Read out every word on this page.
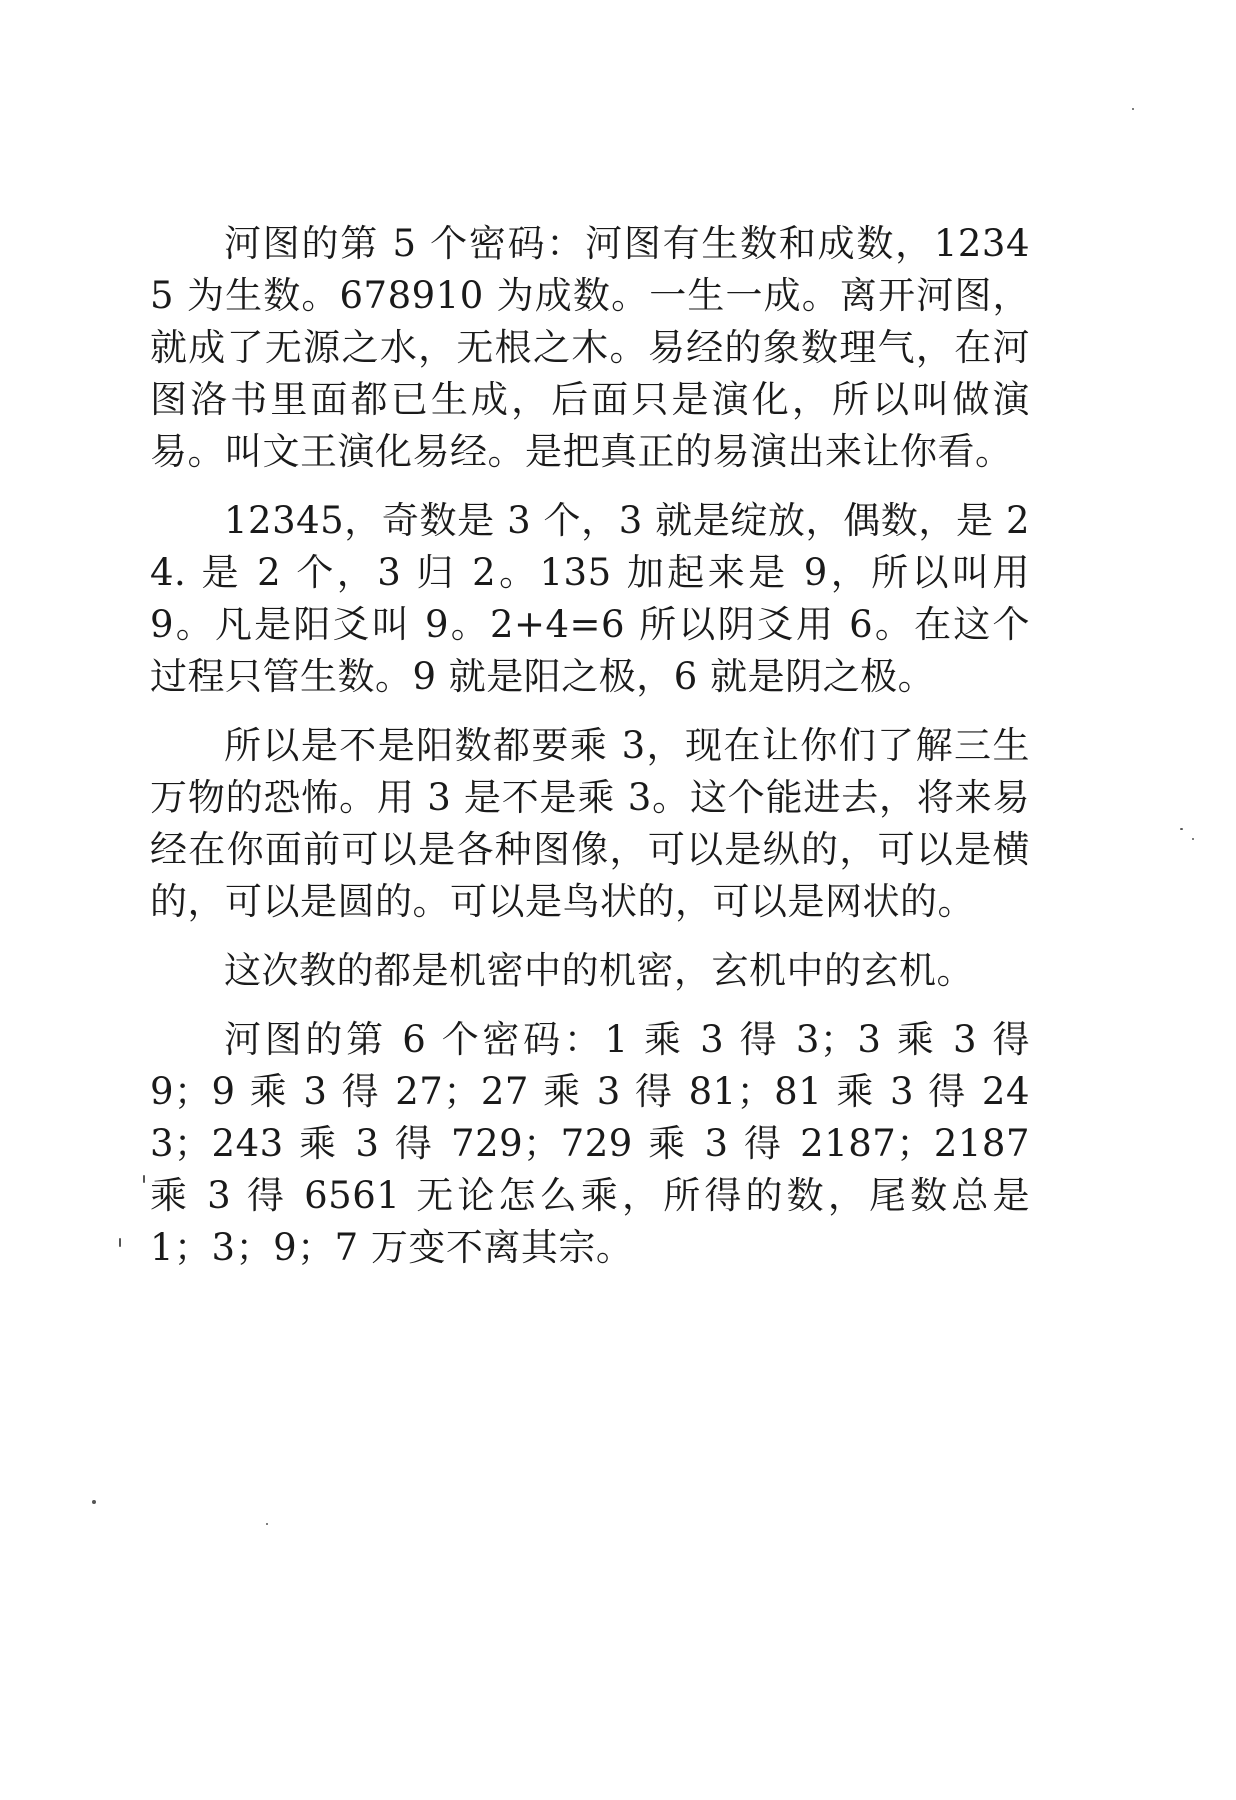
河图的第 5 个密码：河图有生数和成数，12345 为生数。678910 为成数。一生一成。离开河图，就成了无源之水，无根之木。易经的象数理气，在河图洛书里面都已生成，后面只是演化，所以叫做演易。叫文王演化易经。是把真正的易演出来让你看。

12345，奇数是 3 个，3 就是绽放，偶数，是 24. 是 2 个，3 归 2。135 加起来是 9，所以叫用 9。凡是阳爻叫 9。2+4=6 所以阴爻用 6。在这个过程只管生数。9 就是阳之极，6 就是阴之极。

所以是不是阳数都要乘 3，现在让你们了解三生万物的恐怖。用 3 是不是乘 3。这个能进去，将来易经在你面前可以是各种图像，可以是纵的，可以是横的，可以是圆的。可以是鸟状的，可以是网状的。

这次教的都是机密中的机密，玄机中的玄机。

河图的第 6 个密码：1 乘 3 得 3；3 乘 3 得 9；9 乘 3 得 27；27 乘 3 得 81；81 乘 3 得 243；243 乘 3 得 729；729 乘 3 得 2187；2187 乘 3 得 6561 无论怎么乘，所得的数，尾数总是 1；3；9；7 万变不离其宗。
